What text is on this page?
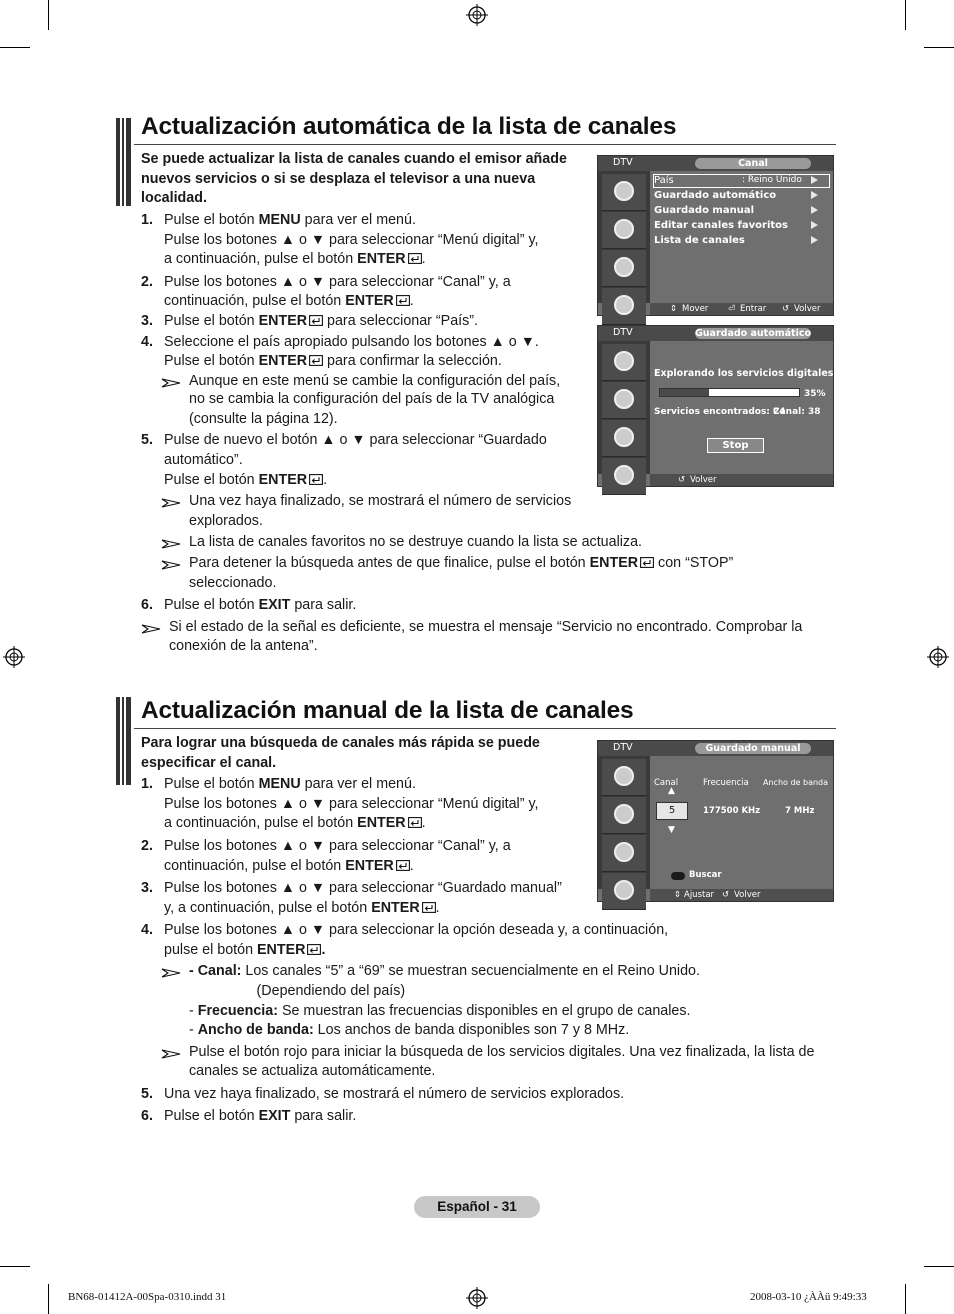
Actualización automática de la lista de canales
Se puede actualizar la lista de canales cuando el emisor añade
nuevos servicios o si se desplaza el televisor a una nueva
localidad.
1. Pulse el botón MENU para ver el menú.
Pulse los botones ▲ o ▼ para seleccionar “Menú digital” y,
a continuación, pulse el botón ENTER .
2. Pulse los botones ▲ o ▼ para seleccionar “Canal” y, a
continuación, pulse el botón ENTER .
3. Pulse el botón ENTER para seleccionar “País”.
4. Seleccione el país apropiado pulsando los botones ▲ o ▼.
Pulse el botón ENTER para confirmar la selección.
Aunque en este menú se cambie la configuración del país,
no se cambia la configuración del país de la TV analógica
(consulte la página 12).
5. Pulse de nuevo el botón ▲ o ▼ para seleccionar “Guardado
automático”.
Pulse el botón ENTER .
Una vez haya finalizado, se mostrará el número de servicios
explorados.
La lista de canales favoritos no se destruye cuando la lista se actualiza.
Para detener la búsqueda antes de que finalice, pulse el botón ENTER con “STOP”
seleccionado.
6. Pulse el botón EXIT para salir.
Si el estado de la señal es deficiente, se muestra el mensaje “Servicio no encontrado. Comprobar la
conexión de la antena”.
Actualización manual de la lista de canales
Para lograr una búsqueda de canales más rápida se puede
especificar el canal.
1. Pulse el botón MENU para ver el menú.
Pulse los botones ▲ o ▼ para seleccionar “Menú digital” y,
a continuación, pulse el botón ENTER .
2. Pulse los botones ▲ o ▼ para seleccionar “Canal” y, a
continuación, pulse el botón ENTER .
3. Pulse los botones ▲ o ▼ para seleccionar “Guardado manual”
y, a continuación, pulse el botón ENTER .
4. Pulse los botones ▲ o ▼ para seleccionar la opción deseada y, a continuación,
pulse el botón ENTER .
- Canal: Los canales “5” a “69” se muestran secuencialmente en el Reino Unido.
(Dependiendo del país)
- Frecuencia: Se muestran las frecuencias disponibles en el grupo de canales.
- Ancho de banda: Los anchos de banda disponibles son 7 y 8 MHz.
Pulse el botón rojo para iniciar la búsqueda de los servicios digitales. Una vez finalizada, la lista de
canales se actualiza automáticamente.
5. Una vez haya finalizado, se mostrará el número de servicios explorados.
6. Pulse el botón EXIT para salir.
DTV	Canal
País	: Reino Unido
Guardado automático
Guardado manual
Editar canales favoritos
Lista de canales
⇕ Mover ⏎ Entrar ↺ Volver
DTV	Guardado automático
Explorando los servicios digitales…
35%
Servicios encontrados: 24
Canal: 38
Stop
↺ Volver
DTV	Guardado manual
Canal	Frecuencia Ancho de banda
▲
5
▼
177500 KHz	7 MHz
Buscar
⇕ Ajustar ↺ Volver
Español - 31
BN68-01412A-00Spa-0310.indd 31	2008-03-10 ¿ÀÀü 9:49:33
